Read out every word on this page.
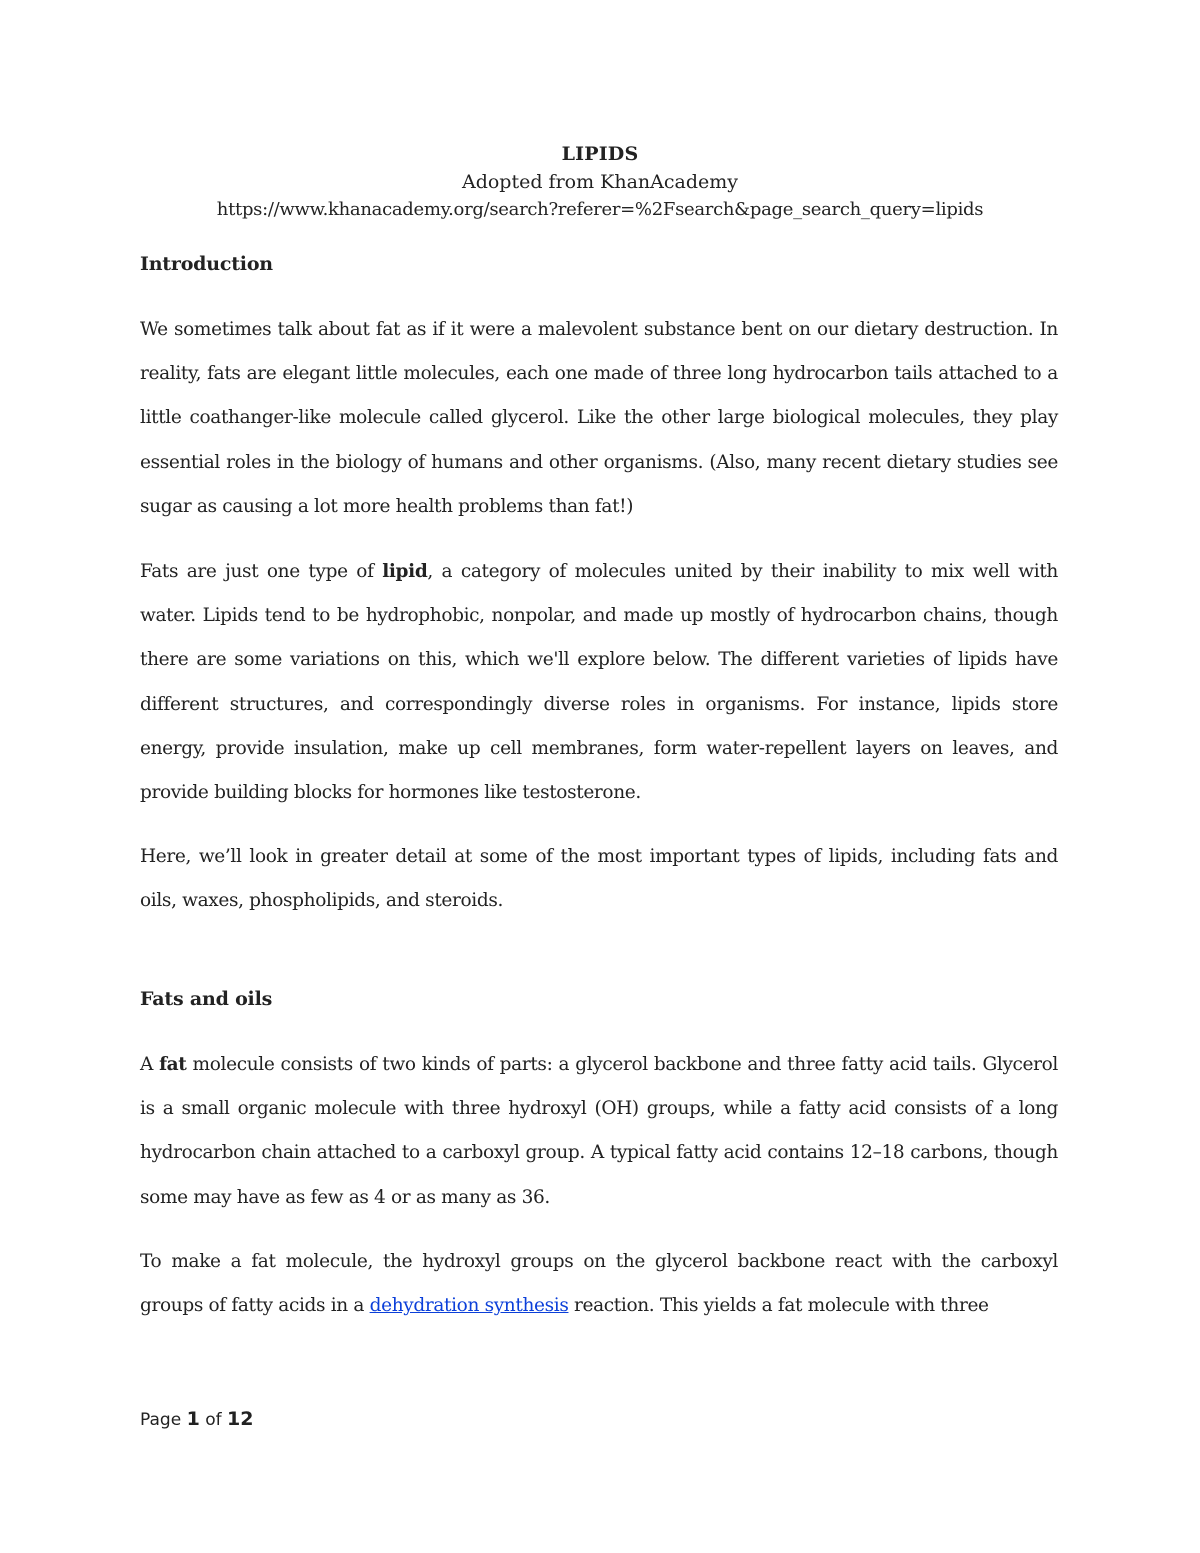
LIPIDS
Adopted from KhanAcademy
https://www.khanacademy.org/search?referer=%2Fsearch&page_search_query=lipids
Introduction

We sometimes talk about fat as if it were a malevolent substance bent on our dietary destruction. In reality, fats are elegant little molecules, each one made of three long hydrocarbon tails attached to a little coathanger-like molecule called glycerol. Like the other large biological molecules, they play essential roles in the biology of humans and other organisms. (Also, many recent dietary studies see sugar as causing a lot more health problems than fat!)

Fats are just one type of lipid, a category of molecules united by their inability to mix well with water. Lipids tend to be hydrophobic, nonpolar, and made up mostly of hydrocarbon chains, though there are some variations on this, which we'll explore below. The different varieties of lipids have different structures, and correspondingly diverse roles in organisms. For instance, lipids store energy, provide insulation, make up cell membranes, form water-repellent layers on leaves, and provide building blocks for hormones like testosterone.

Here, we’ll look in greater detail at some of the most important types of lipids, including fats and oils, waxes, phospholipids, and steroids.

Fats and oils

A fat molecule consists of two kinds of parts: a glycerol backbone and three fatty acid tails. Glycerol is a small organic molecule with three hydroxyl (OH) groups, while a fatty acid consists of a long hydrocarbon chain attached to a carboxyl group. A typical fatty acid contains 12–18 carbons, though some may have as few as 4 or as many as 36.

To make a fat molecule, the hydroxyl groups on the glycerol backbone react with the carboxyl groups of fatty acids in a dehydration synthesis reaction. This yields a fat molecule with three

Page 1 of 12
